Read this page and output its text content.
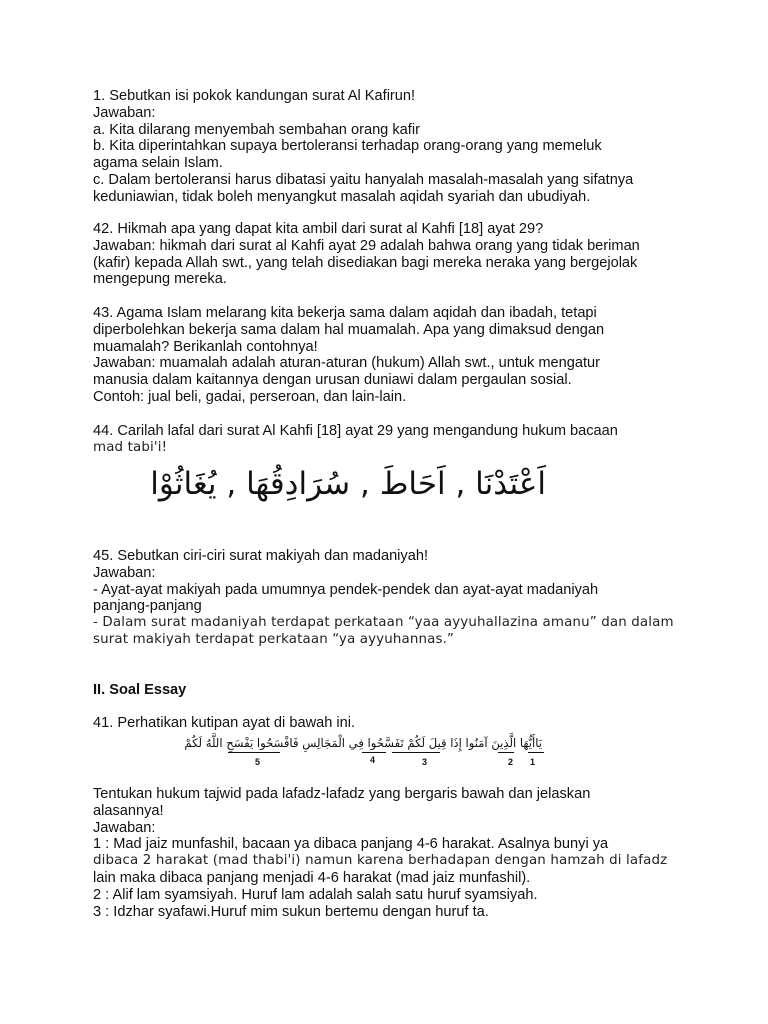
1. Sebutkan isi pokok kandungan surat Al Kafirun!
Jawaban:
a. Kita dilarang menyembah sembahan orang kafir
b. Kita diperintahkan supaya bertoleransi terhadap orang-orang yang memeluk
agama selain Islam.
c. Dalam bertoleransi harus dibatasi yaitu hanyalah masalah-masalah yang sifatnya
keduniawian, tidak boleh menyangkut masalah aqidah syariah dan ubudiyah.
42. Hikmah apa yang dapat kita ambil dari surat al Kahfi [18] ayat 29?
Jawaban: hikmah dari surat al Kahfi ayat 29 adalah bahwa orang yang tidak beriman
(kafir) kepada Allah swt., yang telah disediakan bagi mereka neraka yang bergejolak
mengepung mereka.
43. Agama Islam melarang kita bekerja sama dalam aqidah dan ibadah, tetapi
diperbolehkan bekerja sama dalam hal muamalah. Apa yang dimaksud dengan
muamalah? Berikanlah contohnya!
Jawaban: muamalah adalah aturan-aturan (hukum) Allah swt., untuk mengatur
manusia dalam kaitannya dengan urusan duniawi dalam pergaulan sosial.
Contoh: jual beli, gadai, perseroan, dan lain-lain.
44. Carilah lafal dari surat Al Kahfi [18] ayat 29 yang mengandung hukum bacaan
mad tabi'i!
اَعْتَدْنَا , اَحَاطَ , سُرَادِقُهَا , يُغَاثُوْا
45. Sebutkan ciri-ciri surat makiyah dan madaniyah!
Jawaban:
- Ayat-ayat makiyah pada umumnya pendek-pendek dan ayat-ayat madaniyah
panjang-panjang
- Dalam surat madaniyah terdapat perkataan “yaa ayyuhallazina amanu” dan dalam
surat makiyah terdapat perkataan “ya ayyuhannas.”
II. Soal Essay
41. Perhatikan kutipan ayat di bawah ini.
يَاأَيُّهَا الَّذِينَ آمَنُوا إِذَا قِيلَ لَكُمْ تَفَسَّحُوا فِي الْمَجَالِسِ فَافْسَحُوا يَفْسَحِ اللَّهُ لَكُمْ
5	4	3	2 1
Tentukan hukum tajwid pada lafadz-lafadz yang bergaris bawah dan jelaskan
alasannya!
Jawaban:
1 : Mad jaiz munfashil, bacaan ya dibaca panjang 4-6 harakat. Asalnya bunyi ya
dibaca 2 harakat (mad thabi'i) namun karena berhadapan dengan hamzah di lafadz
lain maka dibaca panjang menjadi 4-6 harakat (mad jaiz munfashil).
2 : Alif lam syamsiyah. Huruf lam adalah salah satu huruf syamsiyah.
3 : Idzhar syafawi.Huruf mim sukun bertemu dengan huruf ta.
